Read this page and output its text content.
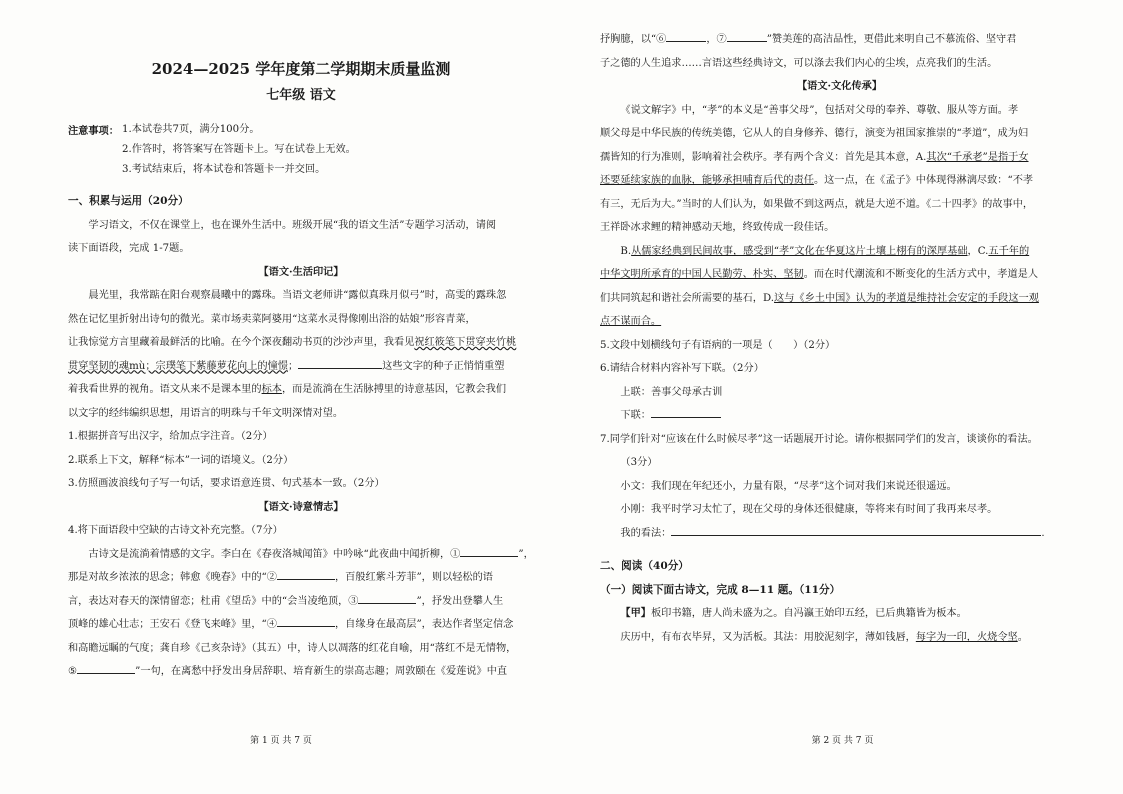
2024—2025 学年度第二学期期末质量监测
七年级 语文
注意事项： 1.本试卷共7页，满分100分。
2.作答时，将答案写在答题卡上。写在试卷上无效。
3.考试结束后，将本试卷和答题卡一并交回。
一、积累与运用（20分）
学习语文，不仅在课堂上，也在课外生活中。班级开展“我的语文生活”专题学习活动，请阅
读下面语段，完成 1-7题。
【语文·生活印记】
晨光里，我常踮在阳台观察晨曦中的露珠。当语文老师讲“露似真珠月似弓”时，高雯的露珠忽
然在记忆里折射出诗句的微光。菜市场卖菜阿婆用“这菜水灵得像刚出浴的姑娘”形容青菜，
让我惊觉方言里藏着最鲜活的比喻。在今个深夜翻动书页的沙沙声里，我看见祝红筱笔下贯穿夹竹桃
贯穿坚韧的魂mù；宗璞笔下紫藤萝花向上的憧憬；	这些文字的种子正悄悄重塑
着我看世界的视角。语文从来不是课本里的标本，而是流淌在生活脉搏里的诗意基因，它教会我们
以文字的经纬编织思想，用语言的明珠与千年文明深情对望。
1.根据拼音写出汉字，给加点字注音。（2分）
2.联系上下文，解释“标本”一词的语境义。（2分）
3.仿照画波浪线句子写一句话，要求语意连贯、句式基本一致。（2分）
【语文·诗意情志】
4.将下面语段中空缺的古诗文补充完整。（7分）
古诗文是流淌着情感的文字。李白在《春夜洛城闻笛》中吟咏“此夜曲中闻折柳，①	”，
那是对故乡浓浓的思念；韩愈《晚春》中的“②	，百般红紫斗芳菲”，则以轻松的语
言，表达对春天的深情留恋；杜甫《望岳》中的“会当凌绝顶，③	”，抒发出登攀人生
顶峰的雄心壮志；王安石《登飞来峰》里，“④	，自缘身在最高层”，表达作者坚定信念
和高瞻远瞩的气度；龚自珍《己亥杂诗》（其五）中，诗人以凋落的红花自喻，用“落红不是无情物，
⑤	”一句，在离愁中抒发出身居辞职、培育新生的崇高志趣；周敦颐在《爱莲说》中直
第 1 页 共 7 页
抒胸臆，以“⑥	，⑦	”赞美莲的高洁品性，更借此来明自己不慕流俗、坚守君
子之德的人生追求……言语这些经典诗文，可以涤去我们内心的尘埃，点亮我们的生活。
【语文·文化传承】
《说文解字》中，“孝”的本义是“善事父母”，包括对父母的奉养、尊敬、服从等方面。孝
顺父母是中华民族的传统美德，它从人的自身修养、德行，演变为祖国家推崇的“孝道”，成为妇
孺皆知的行为准则，影响着社会秩序。孝有两个含义：首先是其本意，A.其次“千承老”是指于女
还要延续家族的血脉，能够承担哺育后代的责任。这一点，在《孟子》中体现得淋漓尽致：“不孝
有三，无后为大。”当时的人们认为，如果做不到这两点，就是大逆不道。《二十四孝》的故事中，
王祥卧冰求鲤的精神感动天地，终致传成一段佳话。
B.从儒家经典到民间故事，感受到“孝”文化在华夏这片土壤上栩有的深厚基础，C.五千年的
中华文明所承育的中国人民勤劳、朴实、坚韧。而在时代潮流和不断变化的生活方式中，孝道是人
们共同筑起和谐社会所需要的基石，D.这与《乡土中国》认为的孝道是维持社会安定的手段这一观
点不谋而合。
5.文段中划横线句子有语病的一项是（　　）（2分）
6.请结合材料内容补写下联。（2分）
上联：善事父母承古训
下联：
7.同学们针对“应该在什么时候尽孝”这一话题展开讨论。请你根据同学们的发言，谈谈你的看法。
（3分）
小文：我们现在年纪还小，力量有限，“尽孝”这个词对我们来说还很遥远。
小刚：我平时学习太忙了，现在父母的身体还很健康，等将来有时间了我再来尽孝。
我的看法：	.
二、阅读（40分）
（一）阅读下面古诗文，完成 8—11 题。（11分）
【甲】板印书籍，唐人尚未盛为之。自冯瀛王始印五经，已后典籍皆为板本。
庆历中，有布衣毕昇，又为活板。其法：用胶泥刻字，薄如钱唇，每字为一印，火烧令坚。
第 2 页 共 7 页
